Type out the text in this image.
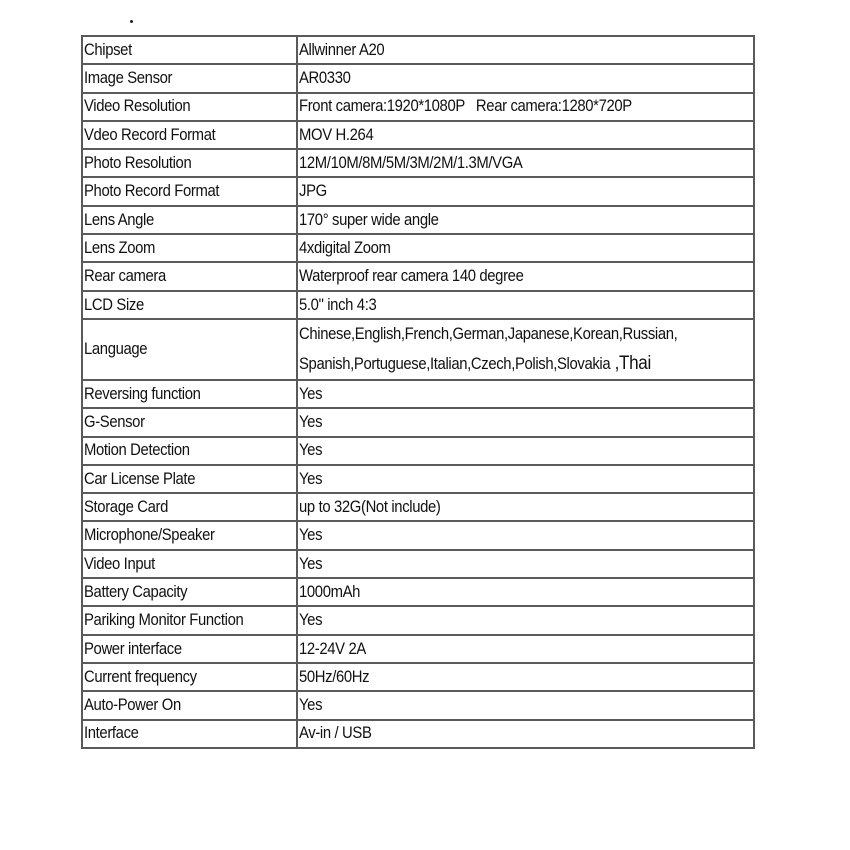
Chipset	Allwinner A20
Image Sensor	AR0330
Video Resolution	Front camera:1920*1080P   Rear camera:1280*720P
Vdeo Record Format	MOV H.264
Photo Resolution	12M/10M/8M/5M/3M/2M/1.3M/VGA
Photo Record Format	JPG
Lens Angle	170° super wide angle
Lens Zoom	4xdigital Zoom
Rear camera	Waterproof rear camera 140 degree
LCD Size	5.0" inch 4:3
Language	Chinese,English,French,German,Japanese,Korean,Russian,
Spanish,Portuguese,Italian,Czech,Polish,Slovakia ,Thai

Reversing function	Yes
G-Sensor	Yes
Motion Detection	Yes
Car License Plate	Yes
Storage Card	up to 32G(Not include)
Microphone/Speaker	Yes
Video Input	Yes
Battery Capacity	1000mAh
Pariking Monitor Function	Yes
Power interface	12-24V 2A
Current frequency	50Hz/60Hz
Auto-Power On	Yes
Interface	Av-in / USB
